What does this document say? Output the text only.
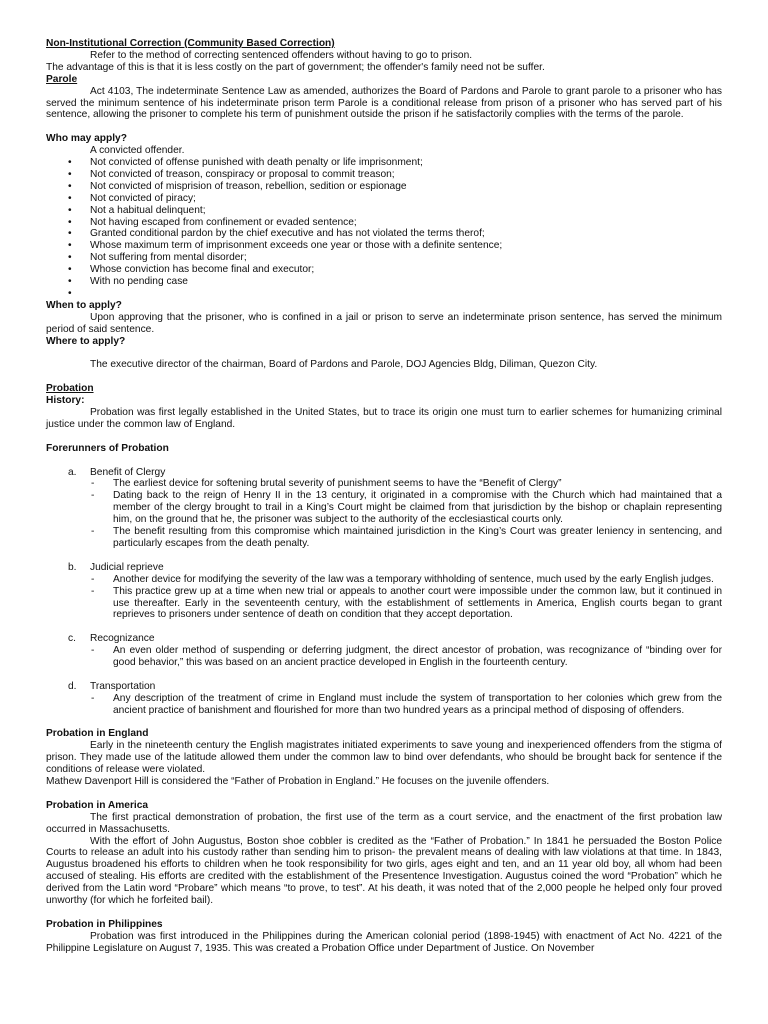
Non-Institutional Correction (Community Based Correction)

Refer to the method of correcting sentenced offenders without having to go to prison.

The advantage of this is that it is less costly on the part of government; the offender's family need not be suffer.

Parole

Act 4103, The indeterminate Sentence Law as amended, authorizes the Board of Pardons and Parole to grant parole to a prisoner who has served the minimum sentence of his indeterminate prison term Parole is a conditional release from prison of a prisoner who has served part of his sentence, allowing the prisoner to complete his term of punishment outside the prison if he satisfactorily complies with the terms of the parole.

Who may apply?

A convicted offender.

• Not convicted of offense punished with death penalty or life imprisonment;
• Not convicted of treason, conspiracy or proposal to commit treason;
• Not convicted of misprision of treason, rebellion, sedition or espionage
• Not convicted of piracy;
• Not a habitual delinquent;
• Not having escaped from confinement or evaded sentence;
• Granted conditional pardon by the chief executive and has not violated the terms therof;
• Whose maximum term of imprisonment exceeds one year or those with a definite sentence;
• Not suffering from mental disorder;
• Whose conviction has become final and executor;
• With no pending case
•

When to apply?

Upon approving that the prisoner, who is confined in a jail or prison to serve an indeterminate prison sentence, has served the minimum period of said sentence.

Where to apply?

The executive director of the chairman, Board of Pardons and Parole, DOJ Agencies Bldg, Diliman, Quezon City.

Probation

History:

Probation was first legally established in the United States, but to trace its origin one must turn to earlier schemes for humanizing criminal justice under the common law of England.

Forerunners of Probation

a. Benefit of Clergy
- The earliest device for softening brutal severity of punishment seems to have the “Benefit of Clergy”
- Dating back to the reign of Henry II in the 13 century, it originated in a compromise with the Church which had maintained that a member of the clergy brought to trail in a King’s Court might be claimed from that jurisdiction by the bishop or chaplain representing him, on the ground that he, the prisoner was subject to the authority of the ecclesiastical courts only.
- The benefit resulting from this compromise which maintained jurisdiction in the King’s Court was greater leniency in sentencing, and particularly escapes from the death penalty.
b. Judicial reprieve
- Another device for modifying the severity of the law was a temporary withholding of sentence, much used by the early English judges.
- This practice grew up at a time when new trial or appeals to another court were impossible under the common law, but it continued in use thereafter. Early in the seventeenth century, with the establishment of settlements in America, English courts began to grant reprieves to prisoners under sentence of death on condition that they accept deportation.
c. Recognizance
- An even older method of suspending or deferring judgment, the direct ancestor of probation, was recognizance of “binding over for good behavior,” this was based on an ancient practice developed in English in the fourteenth century.
d. Transportation
- Any description of the treatment of crime in England must include the system of transportation to her colonies which grew from the ancient practice of banishment and flourished for more than two hundred years as a principal method of disposing of offenders.

Probation in England

Early in the nineteenth century the English magistrates initiated experiments to save young and inexperienced offenders from the stigma of prison. They made use of the latitude allowed them under the common law to bind over defendants, who should be brought back for sentence if the conditions of release were violated.

Mathew Davenport Hill is considered the “Father of Probation in England.” He focuses on the juvenile offenders.

Probation in America

The first practical demonstration of probation, the first use of the term as a court service, and the enactment of the first probation law occurred in Massachusetts.

With the effort of John Augustus, Boston shoe cobbler is credited as the “Father of Probation.” In 1841 he persuaded the Boston Police Courts to release an adult into his custody rather than sending him to prison- the prevalent means of dealing with law violations at that time. In 1843, Augustus broadened his efforts to children when he took responsibility for two girls, ages eight and ten, and an 11 year old boy, all whom had been accused of stealing. His efforts are credited with the establishment of the Presentence Investigation. Augustus coined the word “Probation” which he derived from the Latin word “Probare” which means “to prove, to test”. At his death, it was noted that of the 2,000 people he helped only four proved unworthy (for which he forfeited bail).

Probation in Philippines

Probation was first introduced in the Philippines during the American colonial period (1898-1945) with enactment of Act No. 4221 of the Philippine Legislature on August 7, 1935. This was created a Probation Office under Department of Justice. On November
